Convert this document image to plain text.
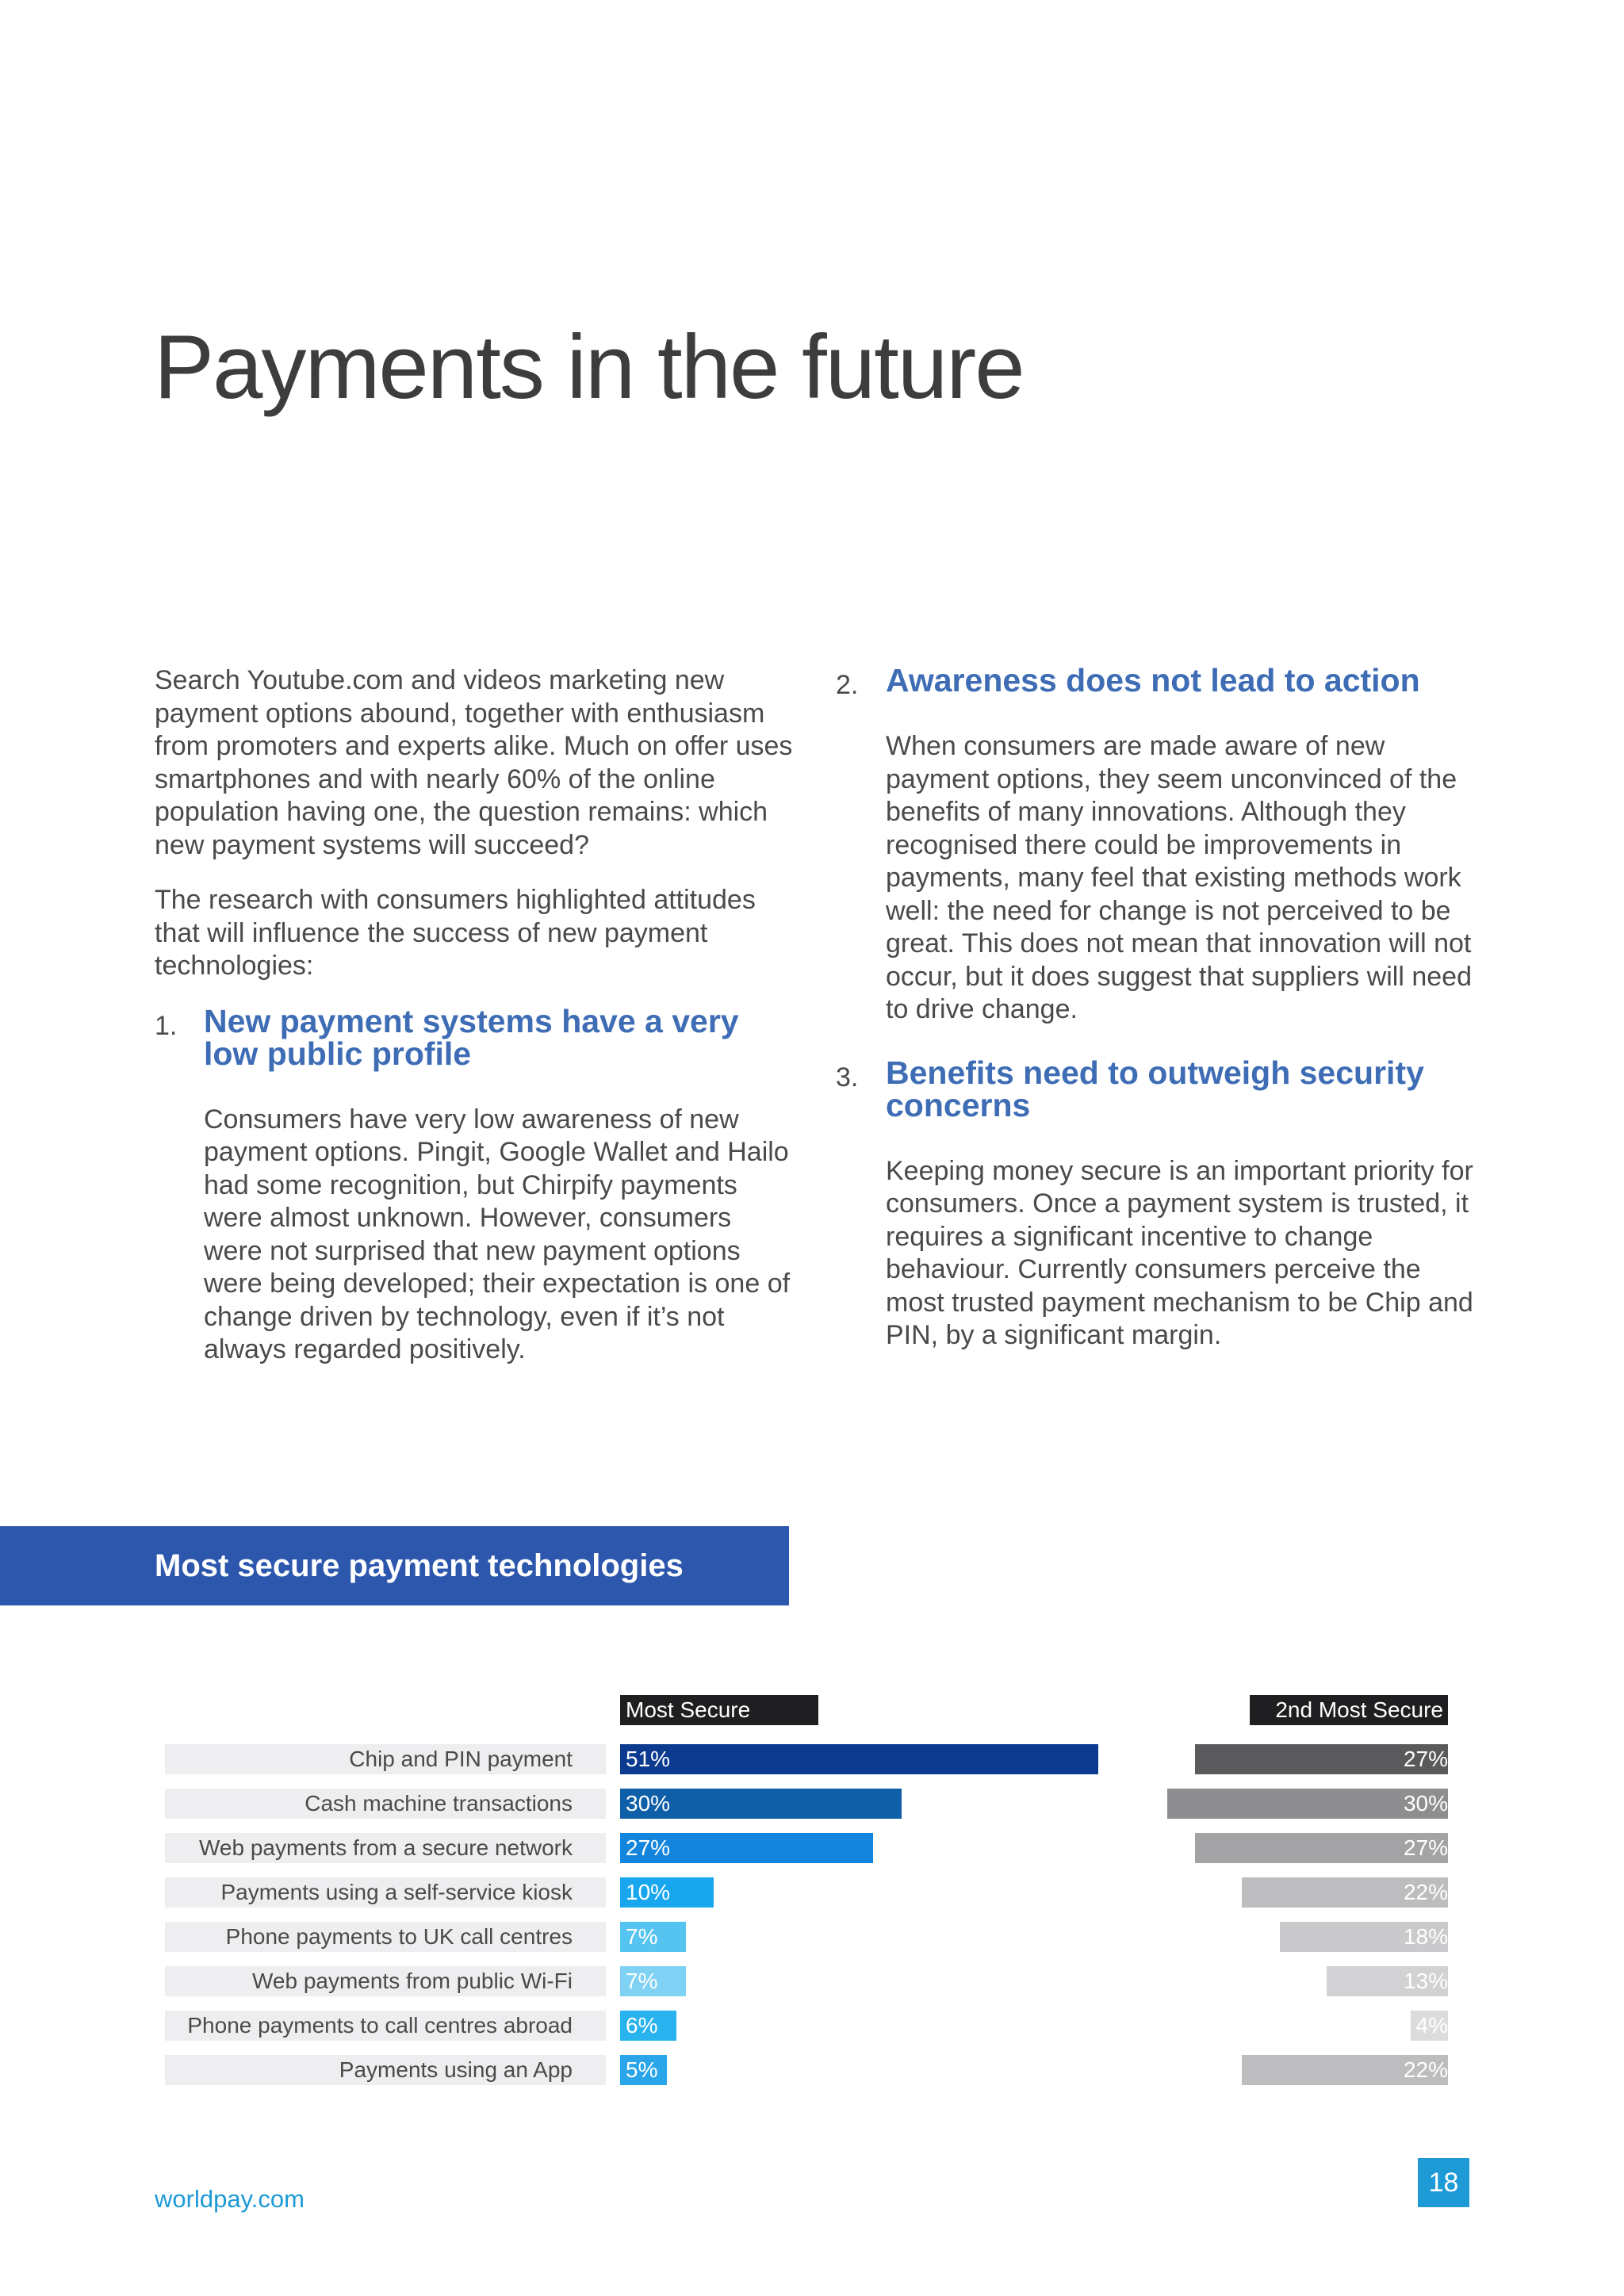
Payments in the future

Search Youtube.com and videos marketing new payment options abound, together with enthusiasm from promoters and experts alike. Much on offer uses smartphones and with nearly 60% of the online population having one, the question remains: which new payment systems will succeed?

The research with consumers highlighted attitudes that will influence the success of new payment technologies:

1. New payment systems have a very low public profile
Consumers have very low awareness of new payment options. Pingit, Google Wallet and Hailo had some recognition, but Chirpify payments were almost unknown. However, consumers were not surprised that new payment options were being developed; their expectation is one of change driven by technology, even if it’s not always regarded positively.
2. Awareness does not lead to action
When consumers are made aware of new payment options, they seem unconvinced of the benefits of many innovations. Although they recognised there could be improvements in payments, many feel that existing methods work well: the need for change is not perceived to be great. This does not mean that innovation will not occur, but it does suggest that suppliers will need to drive change.
3. Benefits need to outweigh security concerns
Keeping money secure is an important priority for consumers. Once a payment system is trusted, it requires a significant incentive to change behaviour. Currently consumers perceive the most trusted payment mechanism to be Chip and PIN, by a significant margin.
Most secure payment technologies
Most Secure	2nd Most Secure
Chip and PIN payment	51%	27%
Cash machine transactions	30%	30%
Web payments from a secure network	27%	27%
Payments using a self-service kiosk	10%	22%
Phone payments to UK call centres	7%	18%
Web payments from public Wi-Fi	7%	13%
Phone payments to call centres abroad	6%	4%
Payments using an App	5%	22%
worldpay.com
18
